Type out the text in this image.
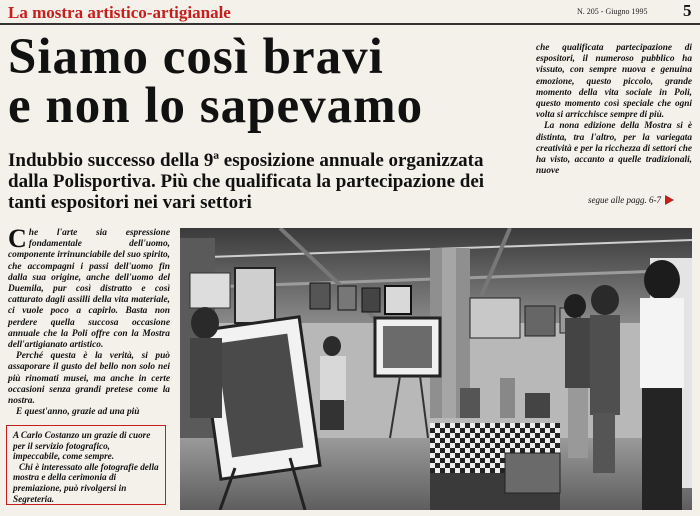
La mostra artistico-artigianale	N. 205 - Giugno 1995 5
Siamo così bravi
e non lo sapevamo
Indubbio successo della 9ª esposizione annuale organizzata dalla Polisportiva. Più che qualificata la partecipazione dei tanti espositori nei vari settori

che qualificata partecipazione di espositori, il numeroso pubblico ha vissuto, con sempre nuova e genuina emozione, questo piccolo, grande momento della vita sociale in Poli, questo momento così speciale che ogni volta si arricchisce sempre di più.

La nona edizione della Mostra si è distinta, tra l'altro, per la variegata creatività e per la ricchezza di settori che ha visto, accanto a quelle tradizionali, nuove

segue alle pagg. 6-7

Che l'arte sia espressione fondamentale dell'uomo, componente irrinunciabile del suo spirito, che accompagni i passi dell'uomo fin dalla sua origine, anche dell'uomo del Duemila, pur così distratto e così catturato dagli assilli della vita materiale, ci vuole poco a capirlo. Basta non perdere quella succosa occasione annuale che la Poli offre con la Mostra dell'artigianato artistico.

Perché questa è la verità, si può assaporare il gusto del bello non solo nei più rinomati musei, ma anche in certe occasioni senza grandi pretese come la nostra.

E quest'anno, grazie ad una più

A Carlo Costanzo un grazie di cuore per il servizio fotografico, impeccabile, come sempre.

Chi è interessato alle fotografie della mostra e della cerimonia di premiazione, può rivolgersi in Segreteria.
